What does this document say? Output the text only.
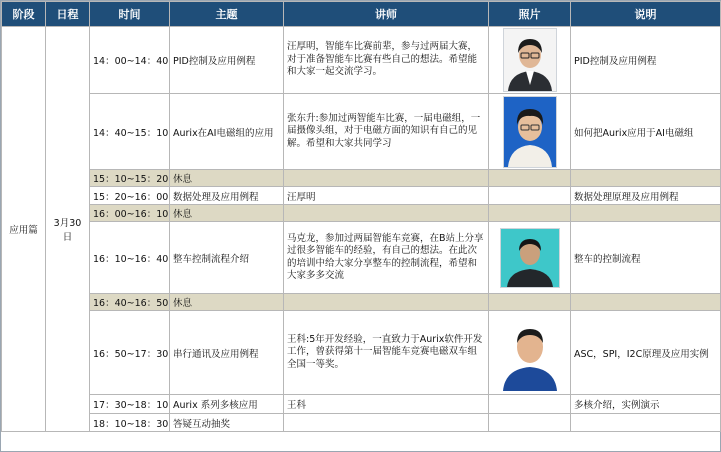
阶段	日程	时间	主题	讲师	照片	说明
应用篇	3月30日	14：00~14：40	PID控制及应用例程	汪厚明，智能车比赛前辈，参与过两届大赛，对于准备智能车比赛有些自己的想法。希望能和大家一起交流学习。		PID控制及应用例程
		14：40~15：10	Aurix在AI电磁组的应用	张东升:参加过两智能车比赛，一届电磁组，一届摄像头组，对于电磁方面的知识有自己的见解。希望和大家共同学习		如何把Aurix应用于AI电磁组
		15：10~15：20	休息			
		15：20~16：00	数据处理及应用例程	汪厚明		数据处理原理及应用例程
		16：00~16：10	休息			
		16：10~16：40	整车控制流程介绍	马克龙，参加过两届智能车竞赛，在B站上分享过很多智能车的经验，有自己的想法。在此次的培训中给大家分享整车的控制流程，希望和大家多多交流		整车的控制流程
		16：40~16：50	休息			
		16：50~17：30	串行通讯及应用例程	王科:5年开发经验，一直致力于Aurix软件开发工作，曾获得第十一届智能车竞赛电磁双车组全国一等奖。		ASC，SPI，I2C原理及应用实例
		17：30~18：10	Aurix 系列多核应用	王科		多核介绍，实例演示
		18：10~18：30	答疑互动抽奖			
